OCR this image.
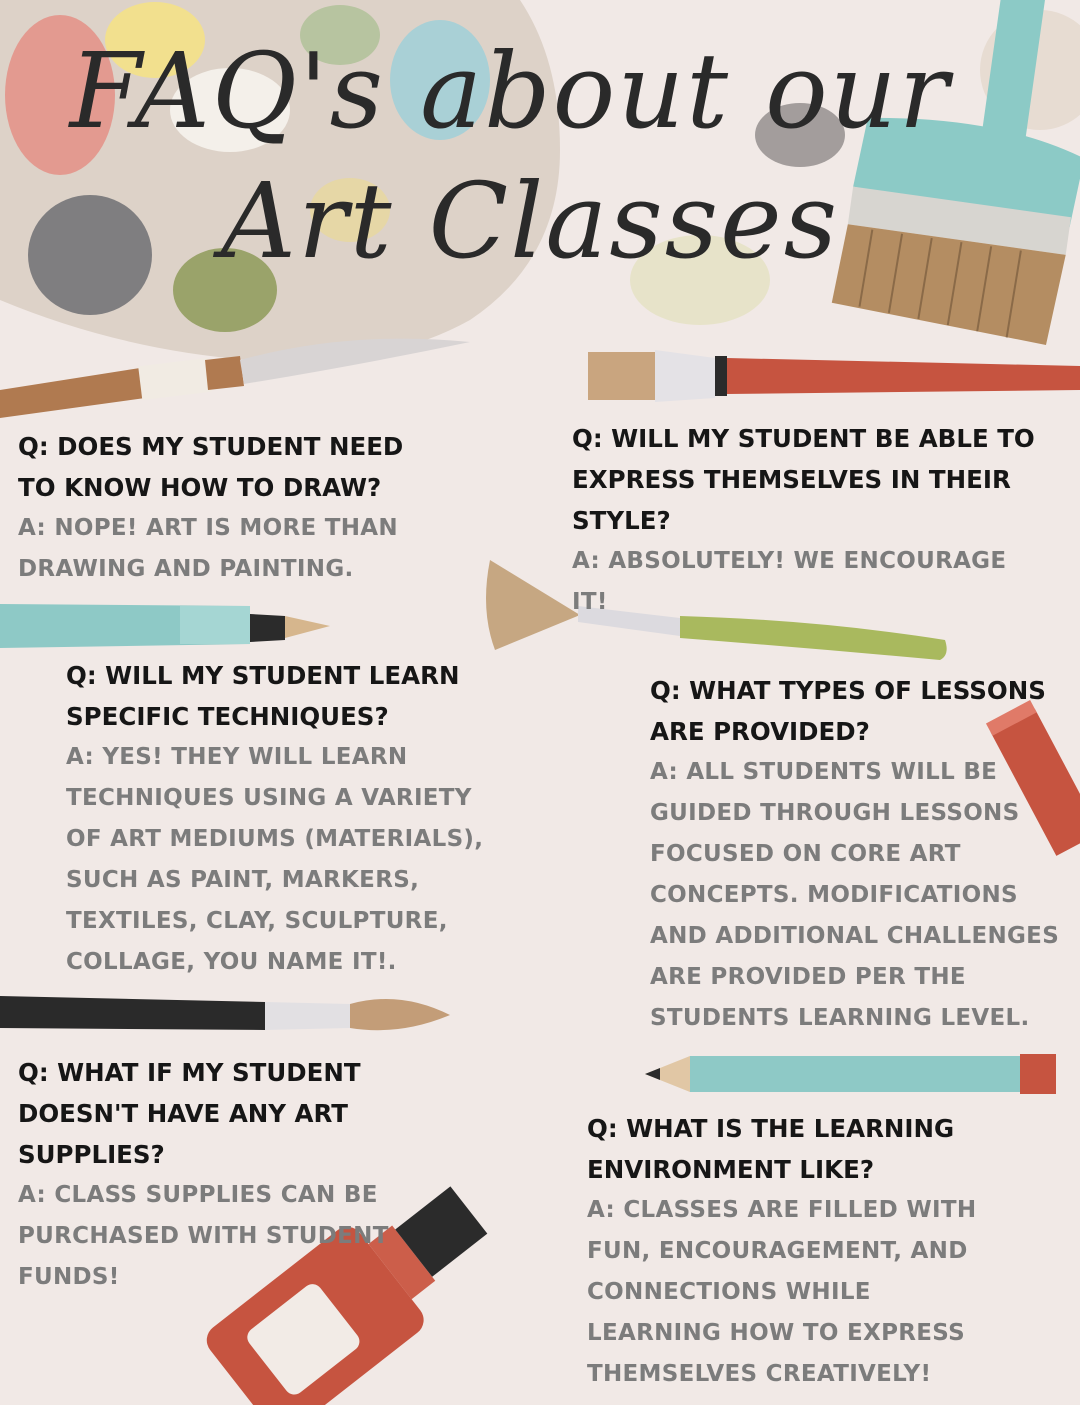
FAQ's about our
Art Classes

Q: DOES MY STUDENT NEED TO KNOW HOW TO DRAW?

A: NOPE! ART IS MORE THAN DRAWING AND PAINTING.

Q: WILL MY STUDENT BE ABLE TO EXPRESS THEMSELVES IN THEIR STYLE?

A: ABSOLUTELY! WE ENCOURAGE IT!

Q: WILL MY STUDENT LEARN SPECIFIC TECHNIQUES?

A: YES! THEY WILL LEARN TECHNIQUES USING A VARIETY OF ART MEDIUMS (MATERIALS), SUCH AS PAINT, MARKERS, TEXTILES, CLAY, SCULPTURE, COLLAGE, YOU NAME IT!.

Q: WHAT TYPES OF LESSONS ARE PROVIDED?

A: ALL STUDENTS WILL BE GUIDED THROUGH LESSONS FOCUSED ON CORE ART CONCEPTS. MODIFICATIONS AND ADDITIONAL CHALLENGES ARE PROVIDED PER THE STUDENTS LEARNING LEVEL.

Q: WHAT IF MY STUDENT DOESN'T HAVE ANY ART SUPPLIES?

A: CLASS SUPPLIES CAN BE PURCHASED WITH STUDENT FUNDS!

Q: WHAT IS THE LEARNING ENVIRONMENT LIKE?

A: CLASSES ARE FILLED WITH FUN, ENCOURAGEMENT, AND CONNECTIONS WHILE LEARNING HOW TO EXPRESS THEMSELVES CREATIVELY!
